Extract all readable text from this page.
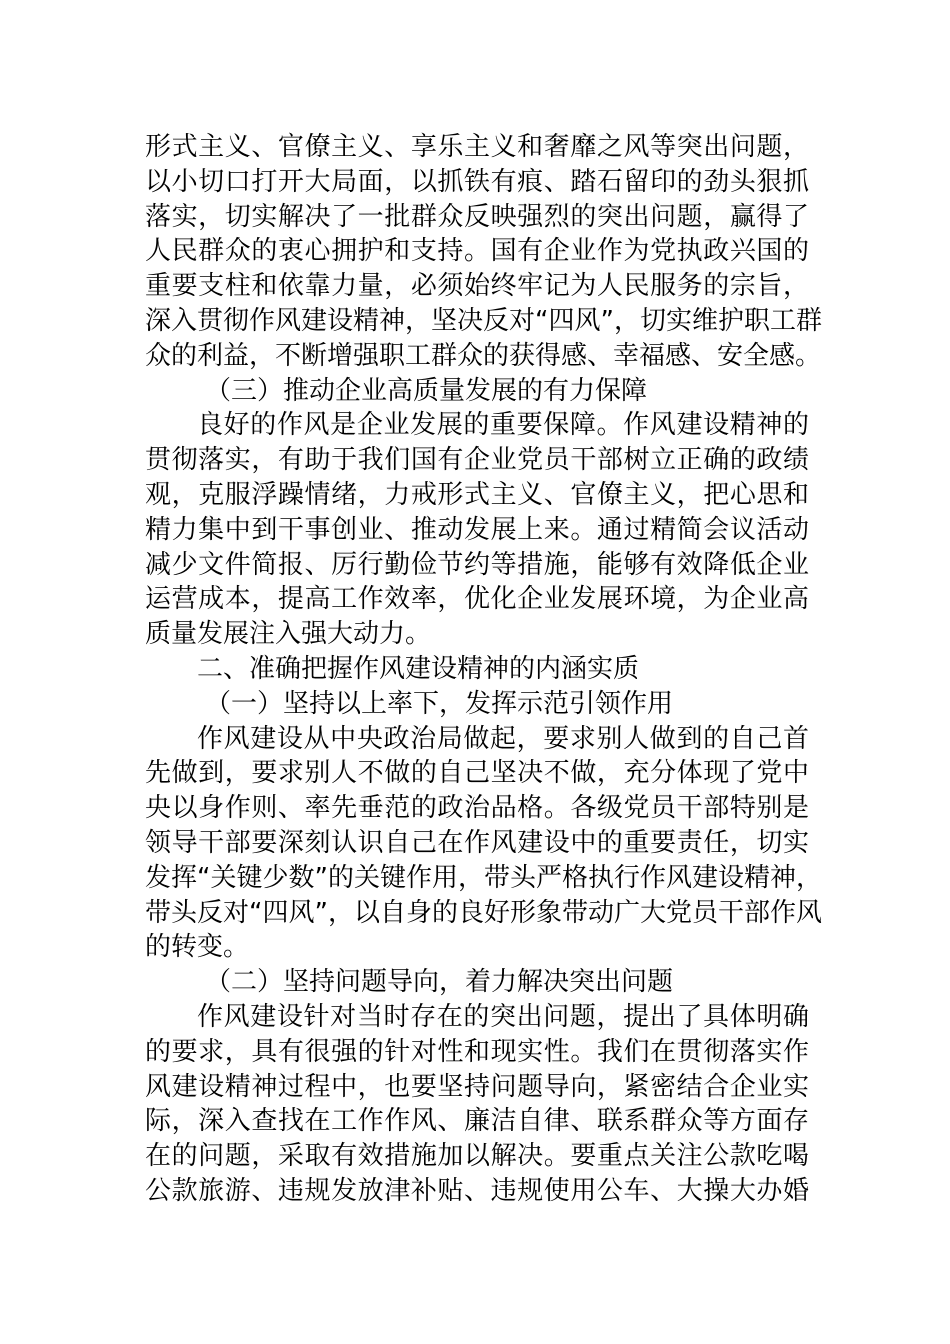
形式主义、官僚主义、享乐主义和奢靡之风等突出问题，
以小切口打开大局面，以抓铁有痕、踏石留印的劲头狠抓
落实，切实解决了一批群众反映强烈的突出问题，赢得了
人民群众的衷心拥护和支持。国有企业作为党执政兴国的
重要支柱和依靠力量，必须始终牢记为人民服务的宗旨，
深入贯彻作风建设精神，坚决反对“四风”，切实维护职工群
众的利益，不断增强职工群众的获得感、幸福感、安全感。
（三）推动企业高质量发展的有力保障
良好的作风是企业发展的重要保障。作风建设精神的
贯彻落实，有助于我们国有企业党员干部树立正确的政绩
观，克服浮躁情绪，力戒形式主义、官僚主义，把心思和
精力集中到干事创业、推动发展上来。通过精简会议活动
减少文件简报、厉行勤俭节约等措施，能够有效降低企业
运营成本，提高工作效率，优化企业发展环境，为企业高
质量发展注入强大动力。
二、准确把握作风建设精神的内涵实质
（一）坚持以上率下，发挥示范引领作用
作风建设从中央政治局做起，要求别人做到的自己首
先做到，要求别人不做的自己坚决不做，充分体现了党中
央以身作则、率先垂范的政治品格。各级党员干部特别是
领导干部要深刻认识自己在作风建设中的重要责任，切实
发挥“关键少数”的关键作用，带头严格执行作风建设精神，
带头反对“四风”，以自身的良好形象带动广大党员干部作风
的转变。
（二）坚持问题导向，着力解决突出问题
作风建设针对当时存在的突出问题，提出了具体明确
的要求，具有很强的针对性和现实性。我们在贯彻落实作
风建设精神过程中，也要坚持问题导向，紧密结合企业实
际，深入查找在工作作风、廉洁自律、联系群众等方面存
在的问题，采取有效措施加以解决。要重点关注公款吃喝
公款旅游、违规发放津补贴、违规使用公车、大操大办婚
